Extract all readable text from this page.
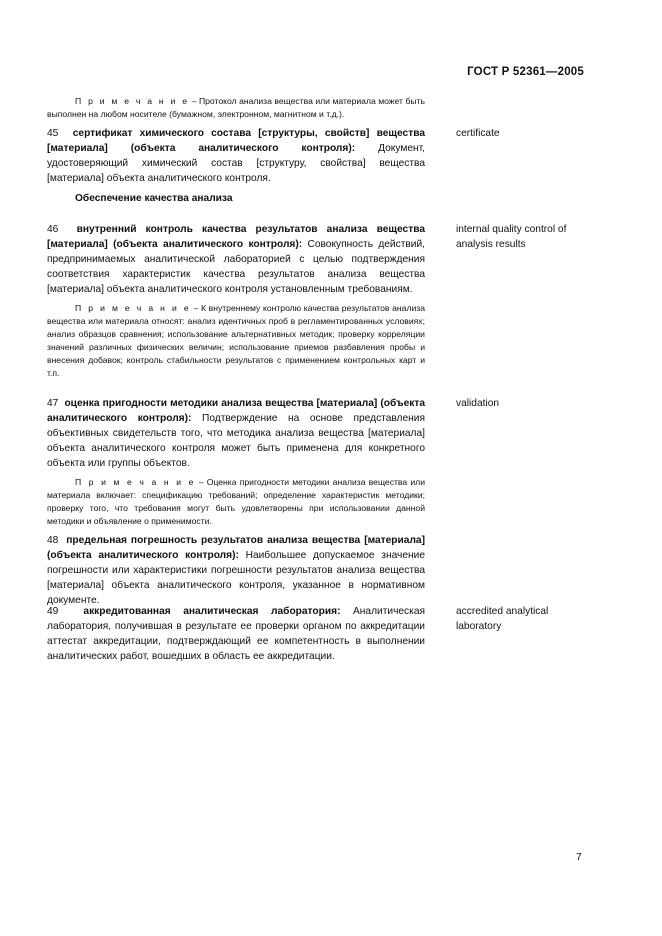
ГОСТ Р 52361—2005

П р и м е ч а н и е – Протокол анализа вещества или материала может быть выполнен на любом носителе (бумажном, электронном, магнитном и т.д.).

45 сертификат химического состава [структуры, свойств] вещества [материала] (объекта аналитического контроля): Документ, удостоверяющий химический состав [структуру, свойства] вещества [материала] объекта аналитического контроля.

certificate
Обеспечение качества анализа

46 внутренний контроль качества результатов анализа вещества [материала] (объекта аналитического контроля): Совокупность действий, предпринимаемых аналитической лабораторией с целью подтверждения соответствия характеристик качества результатов анализа вещества [материала] объекта аналитического контроля установленным требованиям.

П р и м е ч а н и е – К внутреннему контролю качества результатов анализа вещества или материала относят: анализ идентичных проб в регламентированных условиях; анализ образцов сравнения; использование альтернативных методик; проверку корреляции значений различных физических величин; использование приемов разбавления пробы и внесения добавок; контроль стабильности результатов с применением контрольных карт и т.п.

internal quality control of analysis results

47 оценка пригодности методики анализа вещества [материала] (объекта аналитического контроля): Подтверждение на основе представления объективных свидетельств того, что методика анализа вещества [материала] объекта аналитического контроля может быть применена для конкретного объекта или группы объектов.

П р и м е ч а н и е – Оценка пригодности методики анализа вещества или материала включает: спецификацию требований; определение характеристик методики; проверку того, что требования могут быть удовлетворены при использовании данной методики и объявление о применимости.

validation

48 предельная погрешность результатов анализа вещества [материала] (объекта аналитического контроля): Наибольшее допускаемое значение погрешности или характеристики погрешности результатов анализа вещества [материала] объекта аналитического контроля, указанное в нормативном документе.

49 аккредитованная аналитическая лаборатория: Аналитическая лаборатория, получившая в результате ее проверки органом по аккредитации аттестат аккредитации, подтверждающий ее компетентность в выполнении аналитических работ, вошедших в область ее аккредитации.

accredited analytical laboratory
7
